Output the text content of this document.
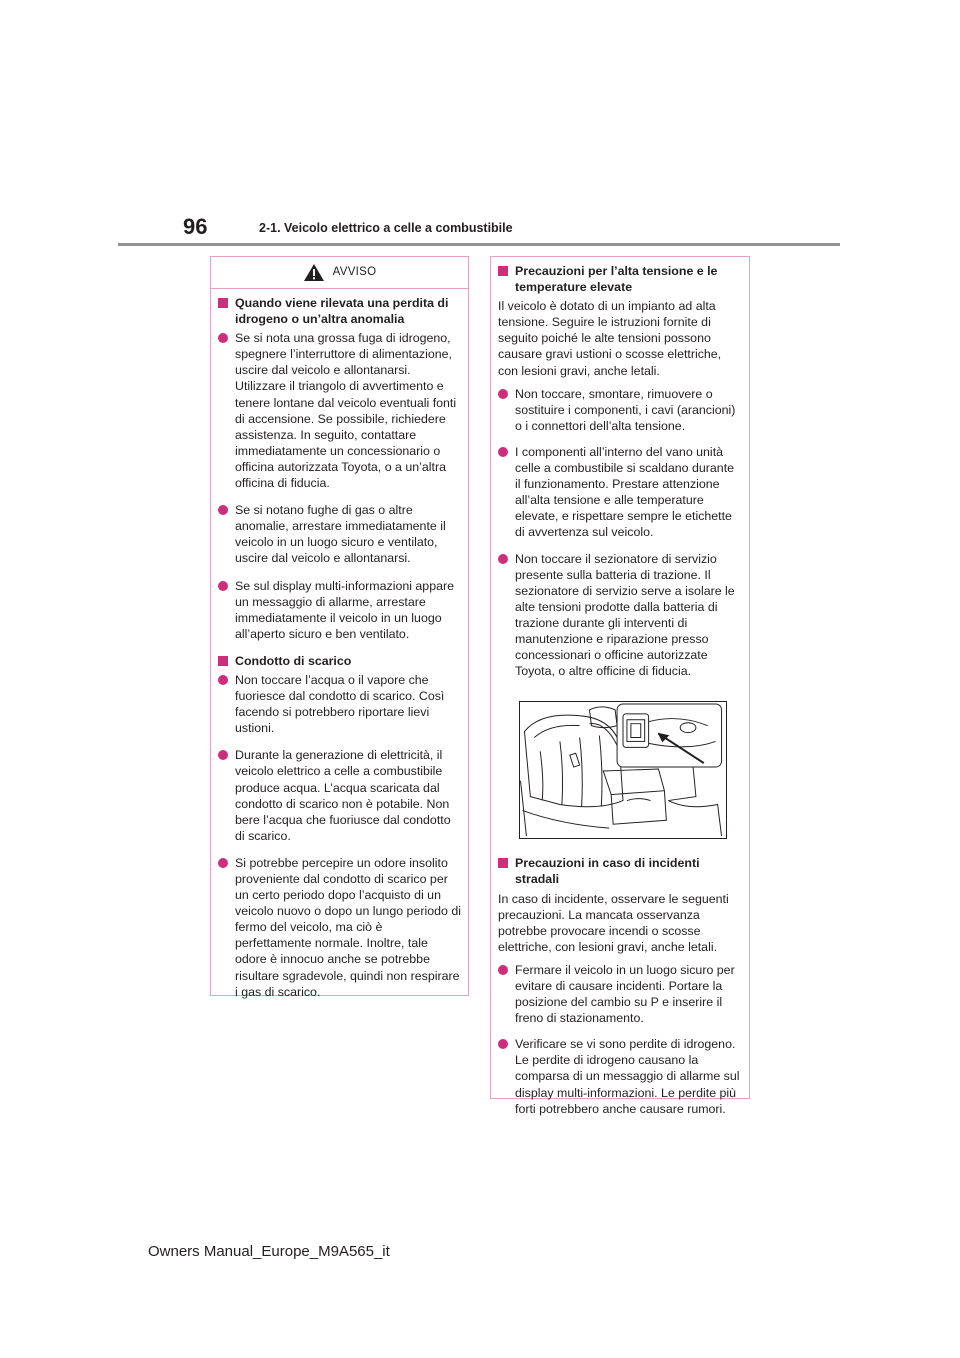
96	2-1. Veicolo elettrico a celle a combustibile
AVVISO
Quando viene rilevata una perdita di idrogeno o un’altra anomalia
Se si nota una grossa fuga di idrogeno, spegnere l’interruttore di alimentazione, uscire dal veicolo e allontanarsi. Utilizzare il triangolo di avvertimento e tenere lontane dal veicolo eventuali fonti di accensione. Se possibile, richiedere assistenza. In seguito, contattare immediatamente un concessionario o officina autorizzata Toyota, o a un’altra officina di fiducia.
Se si notano fughe di gas o altre anomalie, arrestare immediatamente il veicolo in un luogo sicuro e ventilato, uscire dal veicolo e allontanarsi.
Se sul display multi-informazioni appare un messaggio di allarme, arrestare immediatamente il veicolo in un luogo all’aperto sicuro e ben ventilato.
Condotto di scarico
Non toccare l’acqua o il vapore che fuoriesce dal condotto di scarico. Così facendo si potrebbero riportare lievi ustioni.
Durante la generazione di elettricità, il veicolo elettrico a celle a combustibile produce acqua. L’acqua scaricata dal condotto di scarico non è potabile. Non bere l’acqua che fuoriusce dal condotto di scarico.
Si potrebbe percepire un odore insolito proveniente dal condotto di scarico per un certo periodo dopo l’acquisto di un veicolo nuovo o dopo un lungo periodo di fermo del veicolo, ma ciò è perfettamente normale. Inoltre, tale odore è innocuo anche se potrebbe risultare sgradevole, quindi non respirare i gas di scarico.
Precauzioni per l’alta tensione e le temperature elevate
Il veicolo è dotato di un impianto ad alta tensione. Seguire le istruzioni fornite di seguito poiché le alte tensioni possono causare gravi ustioni o scosse elettriche, con lesioni gravi, anche letali.
Non toccare, smontare, rimuovere o sostituire i componenti, i cavi (arancioni) o i connettori dell’alta tensione.
I componenti all’interno del vano unità celle a combustibile si scaldano durante il funzionamento. Prestare attenzione all’alta tensione e alle temperature elevate, e rispettare sempre le etichette di avvertenza sul veicolo.
Non toccare il sezionatore di servizio presente sulla batteria di trazione. Il sezionatore di servizio serve a isolare le alte tensioni prodotte dalla batteria di trazione durante gli interventi di manutenzione e riparazione presso concessionari o officine autorizzate Toyota, o altre officine di fiducia.
Precauzioni in caso di incidenti stradali
In caso di incidente, osservare le seguenti precauzioni. La mancata osservanza potrebbe provocare incendi o scosse elettriche, con lesioni gravi, anche letali.
Fermare il veicolo in un luogo sicuro per evitare di causare incidenti. Portare la posizione del cambio su P e inserire il freno di stazionamento.
Verificare se vi sono perdite di idrogeno. Le perdite di idrogeno causano la comparsa di un messaggio di allarme sul display multi-informazioni. Le perdite più forti potrebbero anche causare rumori.
Owners Manual_Europe_M9A565_it
